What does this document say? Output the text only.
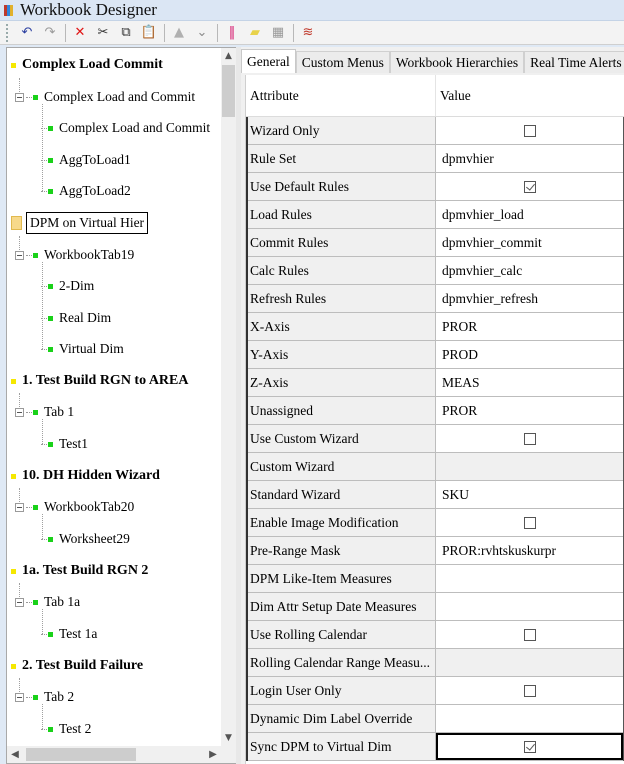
Workbook Designer
↶ ↷ ✕ ✂ ⧉ 📋 ▲ ⌄ ‖ ▰ ▦ ≋
Complex Load Commit
Complex Load and Commit
Complex Load and Commit
AggToLoad1
AggToLoad2
DPM on Virtual Hier
WorkbookTab19
2-Dim
Real Dim
Virtual Dim
1. Test Build RGN to AREA
Tab 1
Test1
10. DH Hidden Wizard
WorkbookTab20
Worksheet29
1a. Test Build RGN 2
Tab 1a
Test 1a
2. Test Build Failure
Tab 2
Test 2
▲
▼
◀	▶
General Custom Menus Workbook Hierarchies Real Time Alerts
Attribute	Value
Wizard Only
Rule Set	dpmvhier
Use Default Rules
Load Rules	dpmvhier_load
Commit Rules	dpmvhier_commit
Calc Rules	dpmvhier_calc
Refresh Rules	dpmvhier_refresh
X-Axis	PROR
Y-Axis	PROD
Z-Axis	MEAS
Unassigned	PROR
Use Custom Wizard
Custom Wizard
Standard Wizard	SKU
Enable Image Modification
Pre-Range Mask	PROR:rvhtskuskurpr
DPM Like-Item Measures
Dim Attr Setup Date Measures
Use Rolling Calendar
Rolling Calendar Range Measu...
Login User Only
Dynamic Dim Label Override
Sync DPM to Virtual Dim
